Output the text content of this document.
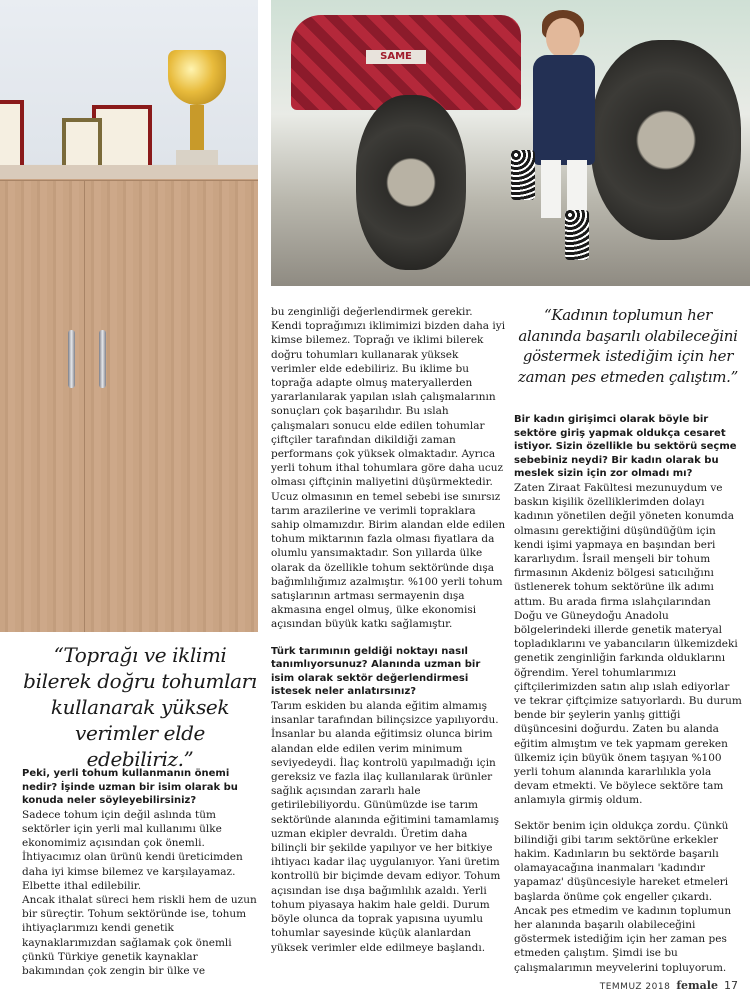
SAME
“Toprağı ve iklimi bilerek doğru tohumları kullanarak yüksek verimler elde edebiliriz.”
“Kadının toplumun her alanında başarılı olabileceğini göstermek istediğim için her zaman pes etmeden çalıştım.”

Peki, yerli tohum kullanmanın önemi nedir? İşinde uzman bir isim olarak bu konuda neler söyleyebilirsiniz?

Sadece tohum için değil aslında tüm sektörler için yerli mal kullanımı ülke ekonomimiz açısından çok önemli. İhtiyacımız olan ürünü kendi üreticimden daha iyi kimse bilemez ve karşılayamaz. Elbette ithal edilebilir.

Ancak ithalat süreci hem riskli hem de uzun bir süreçtir. Tohum sektöründe ise, tohum ihtiyaçlarımızı kendi genetik kaynaklarımızdan sağlamak çok önemli çünkü Türkiye genetik kaynaklar bakımından çok zengin bir ülke ve

bu zenginliği değerlendirmek gerekir. Kendi toprağımızı iklimimizi bizden daha iyi kimse bilemez. Toprağı ve iklimi bilerek doğru tohumları kullanarak yüksek verimler elde edebiliriz. Bu iklime bu toprağa adapte olmuş materyallerden yararlanılarak yapılan ıslah çalışmalarının sonuçları çok başarılıdır. Bu ıslah çalışmaları sonucu elde edilen tohumlar çiftçiler tarafından dikildiği zaman performans çok yüksek olmaktadır. Ayrıca yerli tohum ithal tohumlara göre daha ucuz olması çiftçinin maliyetini düşürmektedir. Ucuz olmasının en temel sebebi ise sınırsız tarım arazilerine ve verimli topraklara sahip olmamızdır. Birim alandan elde edilen tohum miktarının fazla olması fiyatlara da olumlu yansımaktadır. Son yıllarda ülke olarak da özellikle tohum sektöründe dışa bağımlılığımız azalmıştır. %100 yerli tohum satışlarının artması sermayenin dışa akmasına engel olmuş, ülke ekonomisi açısından büyük katkı sağlamıştır.

Türk tarımının geldiği noktayı nasıl tanımlıyorsunuz? Alanında uzman bir isim olarak sektör değerlendirmesi istesek neler anlatırsınız?

Tarım eskiden bu alanda eğitim almamış insanlar tarafından bilinçsizce yapılıyordu. İnsanlar bu alanda eğitimsiz olunca birim alandan elde edilen verim minimum seviyedeydi. İlaç kontrolü yapılmadığı için gereksiz ve fazla ilaç kullanılarak ürünler sağlık açısından zararlı hale getirilebiliyordu. Günümüzde ise tarım sektöründe alanında eğitimini tamamlamış uzman ekipler devraldı. Üretim daha bilinçli bir şekilde yapılıyor ve her bitkiye ihtiyacı kadar ilaç uygulanıyor. Yani üretim kontrollü bir biçimde devam ediyor. Tohum açısından ise dışa bağımlılık azaldı. Yerli tohum piyasaya hakim hale geldi. Durum böyle olunca da toprak yapısına uyumlu tohumlar sayesinde küçük alanlardan yüksek verimler elde edilmeye başlandı.

Bir kadın girişimci olarak böyle bir sektöre giriş yapmak oldukça cesaret istiyor. Sizin özellikle bu sektörü seçme sebebiniz neydi? Bir kadın olarak bu meslek sizin için zor olmadı mı?

Zaten Ziraat Fakültesi mezunuydum ve baskın kişilik özelliklerimden dolayı kadının yönetilen değil yöneten konumda olmasını gerektiğini düşündüğüm için kendi işimi yapmaya en başından beri kararlıydım. İsrail menşeli bir tohum firmasının Akdeniz bölgesi satıcılığını üstlenerek tohum sektörüne ilk adımı attım. Bu arada firma ıslahçılarından Doğu ve Güneydoğu Anadolu bölgelerindeki illerde genetik materyal topladıklarını ve yabancıların ülkemizdeki genetik zenginliğin farkında olduklarını öğrendim. Yerel tohumlarımızı çiftçilerimizden satın alıp ıslah ediyorlar ve tekrar çiftçimize satıyorlardı. Bu durum bende bir şeylerin yanlış gittiği düşüncesini doğurdu. Zaten bu alanda eğitim almıştım ve tek yapmam gereken ülkemiz için büyük önem taşıyan %100 yerli tohum alanında kararlılıkla yola devam etmekti. Ve böylece sektöre tam anlamıyla girmiş oldum.

Sektör benim için oldukça zordu. Çünkü bilindiği gibi tarım sektörüne erkekler hakim. Kadınların bu sektörde başarılı olamayacağına inanmaları 'kadındır yapamaz' düşüncesiyle hareket etmeleri başlarda önüme çok engeller çıkardı. Ancak pes etmedim ve kadının toplumun her alanında başarılı olabileceğini göstermek istediğim için her zaman pes etmeden çalıştım. Şimdi ise bu çalışmalarımın meyvelerini topluyorum.

TEMMUZ 2018 female 17
